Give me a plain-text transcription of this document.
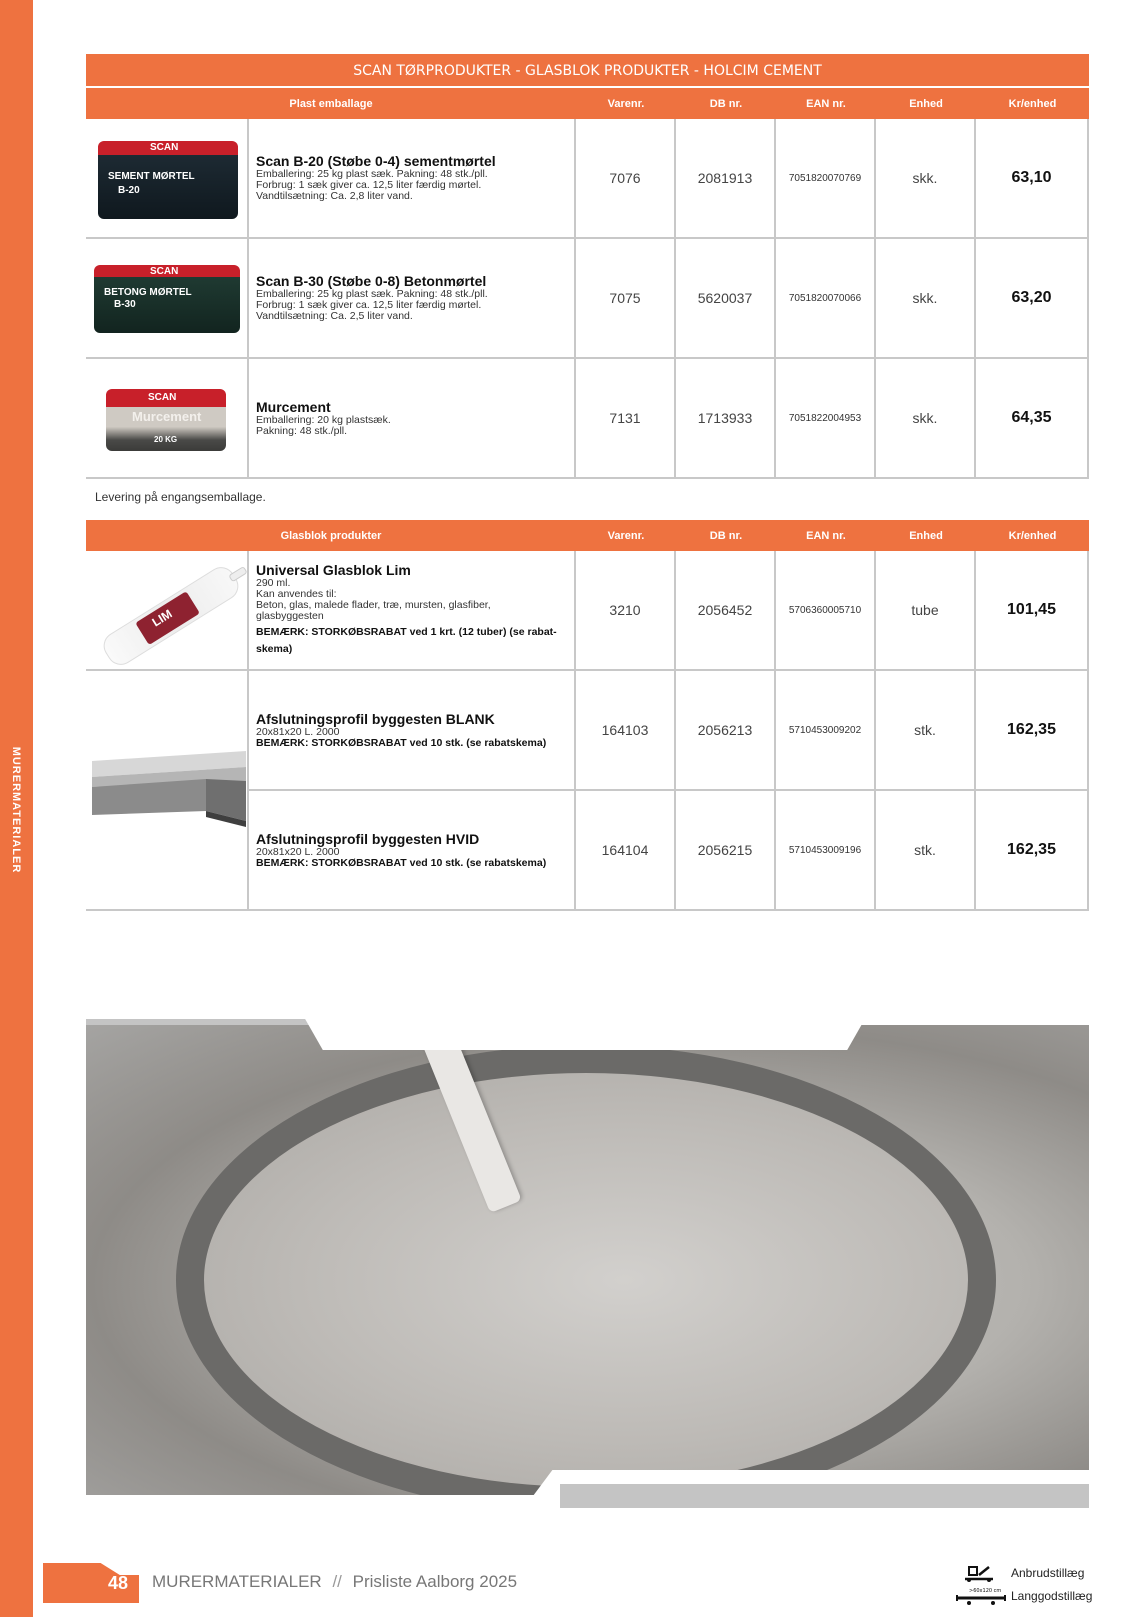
MURERMATERIALER
SCAN TØRPRODUKTER - GLASBLOK PRODUKTER - HOLCIM CEMENT
Plast emballage	Varenr.	DB nr.	EAN nr.	Enhed	Kr/enhed
SCAN
SEMENT MØRTEL
B-20
Scan B-20 (Støbe 0-4) sementmørtel
Emballering: 25 kg plast sæk. Pakning: 48 stk./pll.
Forbrug: 1 sæk giver ca. 12,5 liter færdig mørtel.
Vandtilsætning: Ca. 2,8 liter vand.
7076	2081913	7051820070769	skk.	63,10
SCAN
BETONG MØRTEL
B-30
Scan B-30 (Støbe 0-8) Betonmørtel
Emballering: 25 kg plast sæk. Pakning: 48 stk./pll.
Forbrug: 1 sæk giver ca. 12,5 liter færdig mørtel.
Vandtilsætning: Ca. 2,5 liter vand.
7075	5620037	7051820070066	skk.	63,20
SCAN
Murcement
20 KG
Murcement
Emballering: 20 kg plastsæk.
Pakning: 48 stk./pll.
7131	1713933	7051822004953	skk.	64,35
Levering på engangsemballage.
Glasblok produkter	Varenr.	DB nr.	EAN nr.	Enhed	Kr/enhed
LIM
Universal Glasblok Lim
290 ml.
Kan anvendes til:
Beton, glas, malede flader, træ, mursten, glasfiber,
glasbyggesten
BEMÆRK: STORKØBSRABAT ved 1 krt. (12 tuber) (se rabat-skema)
3210	2056452	5706360005710	tube	101,45
Afslutningsprofil byggesten BLANK
20x81x20 L. 2000
BEMÆRK: STORKØBSRABAT ved 10 stk. (se rabatskema)
164103	2056213	5710453009202	stk.	162,35
Afslutningsprofil byggesten HVID
20x81x20 L. 2000
BEMÆRK: STORKØBSRABAT ved 10 stk. (se rabatskema)
164104	2056215	5710453009196	stk.	162,35
48 MURERMATERIALER // Prisliste Aalborg 2025	Anbrudstillæg
>60x120 cm Langgodstillæg
